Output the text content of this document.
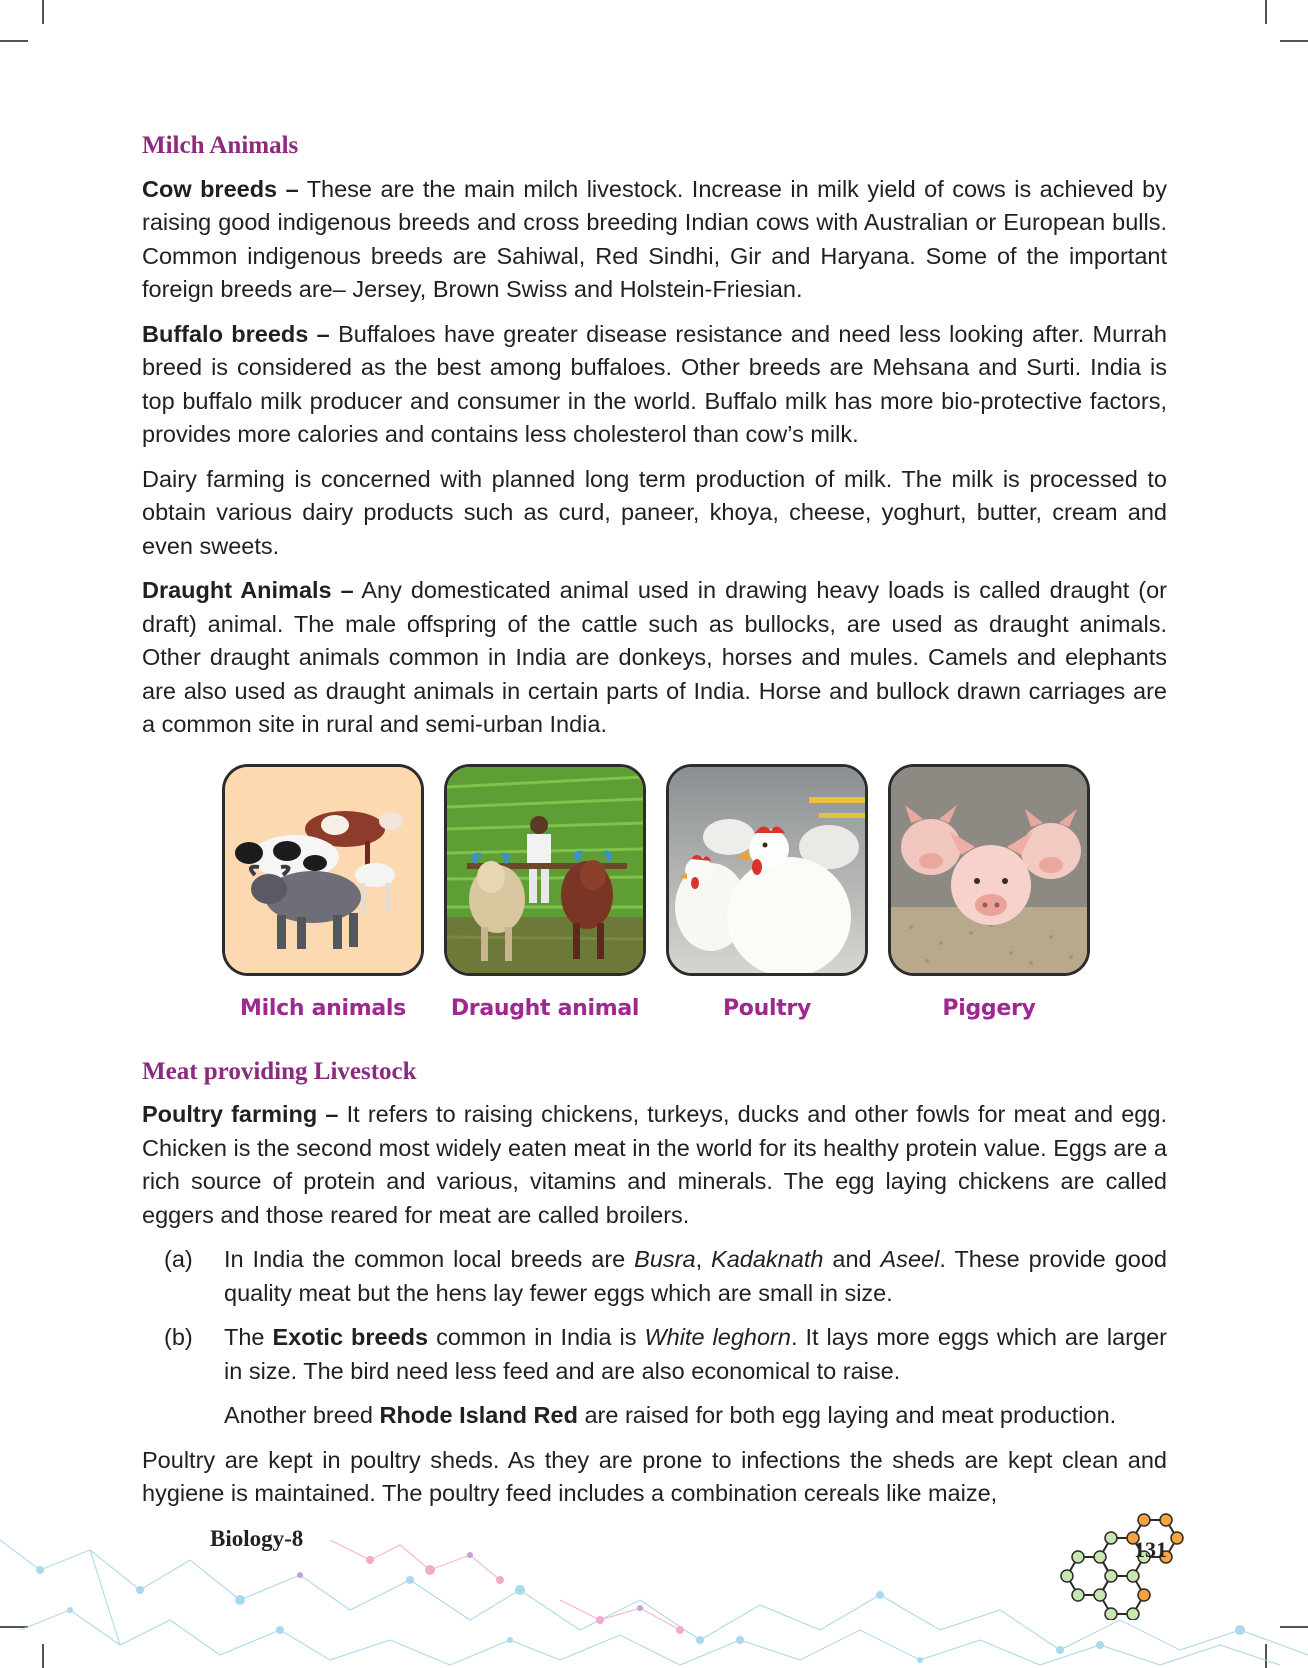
Milch Animals

Cow breeds – These are the main milch livestock. Increase in milk yield of cows is achieved by raising good indigenous breeds and cross breeding Indian cows with Australian or European bulls. Common indigenous breeds are Sahiwal, Red Sindhi, Gir and Haryana. Some of the important foreign breeds are– Jersey, Brown Swiss and Holstein-Friesian.

Buffalo breeds – Buffaloes have greater disease resistance and need less looking after. Murrah breed is considered as the best among buffaloes. Other breeds are Mehsana and Surti. India is top buffalo milk producer and consumer in the world. Buffalo milk has more bio-protective factors, provides more calories and contains less cholesterol than cow’s milk.

Dairy farming is concerned with planned long term production of milk. The milk is processed to obtain various dairy products such as curd, paneer, khoya, cheese, yoghurt, butter, cream and even sweets.

Draught Animals – Any domesticated animal used in drawing heavy loads is called draught (or draft) animal. The male offspring of the cattle such as bullocks, are used as draught animals. Other draught animals common in India are donkeys, horses and mules. Camels and elephants are also used as draught animals in certain parts of India. Horse and bullock drawn carriages are a common site in rural and semi-urban India.

Milch animals	Draught animal	Poultry	Piggery
Meat providing Livestock

Poultry farming – It refers to raising chickens, turkeys, ducks and other fowls for meat and egg. Chicken is the second most widely eaten meat in the world for its healthy protein value. Eggs are a rich source of protein and various, vitamins and minerals. The egg laying chickens are called eggers and those reared for meat are called broilers.

(a) In India the common local breeds are Busra, Kadaknath and Aseel. These provide good quality meat but the hens lay fewer eggs which are small in size.

(b) The Exotic breeds common in India is White leghorn. It lays more eggs which are larger in size. The bird need less feed and are also economical to raise.

Another breed Rhode Island Red are raised for both egg laying and meat production.

Poultry are kept in poultry sheds. As they are prone to infections the sheds are kept clean and hygiene is maintained. The poultry feed includes a combination cereals like maize,

Biology-8	131
